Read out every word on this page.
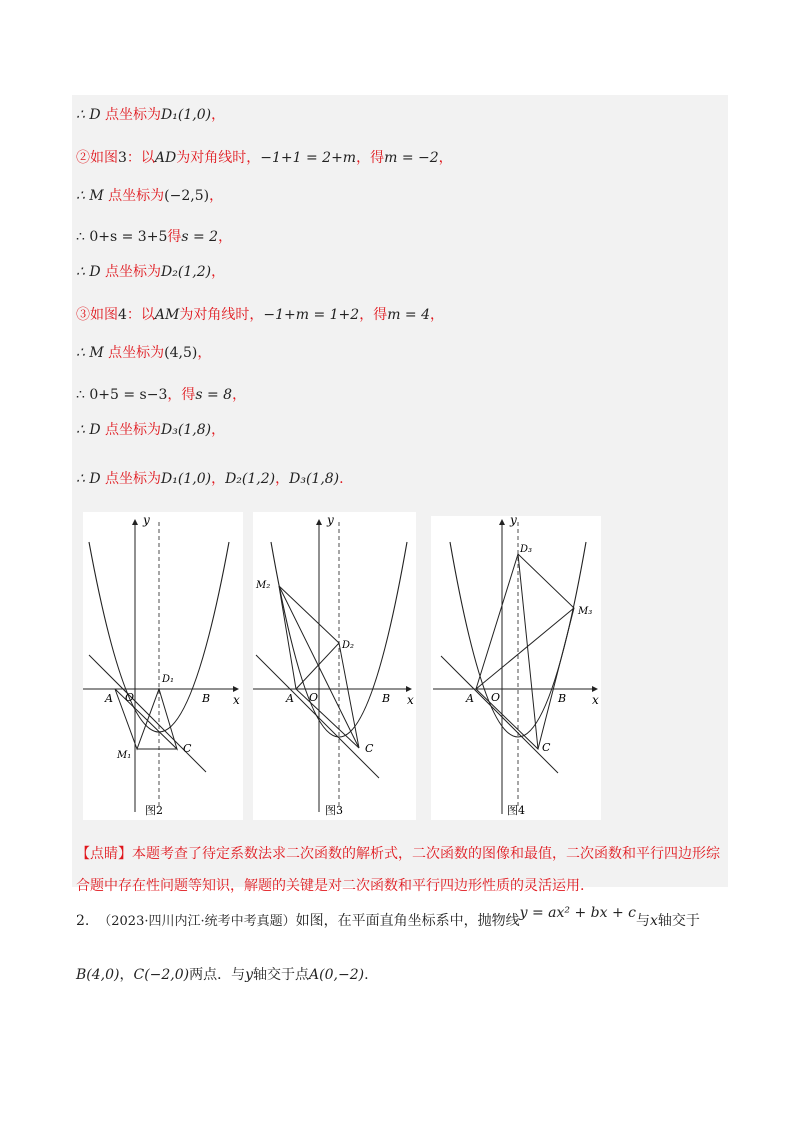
∴ D 点坐标为D₁(1,0)，
②如图3：以AD为对角线时，−1+1 = 2+m，得m = −2，
∴ M 点坐标为(−2,5)，
∴ 0+s = 3+5得s = 2，
∴ D 点坐标为D₂(1,2)，
③如图4：以AM为对角线时，−1+m = 1+2，得m = 4，
∴ M 点坐标为(4,5)，
∴ 0+5 = s−3，得s = 8，
∴ D 点坐标为D₃(1,8)，
∴ D 点坐标为D₁(1,0)，D₂(1,2)，D₃(1,8).
y
x
A O	B
C
D₁
M₁
图2
y
x
A O	B
C
D₂
M₂
图3
y
x
A O	B
C
D₃
M₃
图4
【点睛】本题考查了待定系数法求二次函数的解析式，二次函数的图像和最值，二次函数和平行四边形综合题中存在性问题等知识，解题的关键是对二次函数和平行四边形性质的灵活运用.
2. （2023·四川内江·统考中考真题）如图，在平面直角坐标系中，抛物线y = ax² + bx + c与x轴交于
B(4,0)，C(−2,0)两点．与y轴交于点A(0,−2).
